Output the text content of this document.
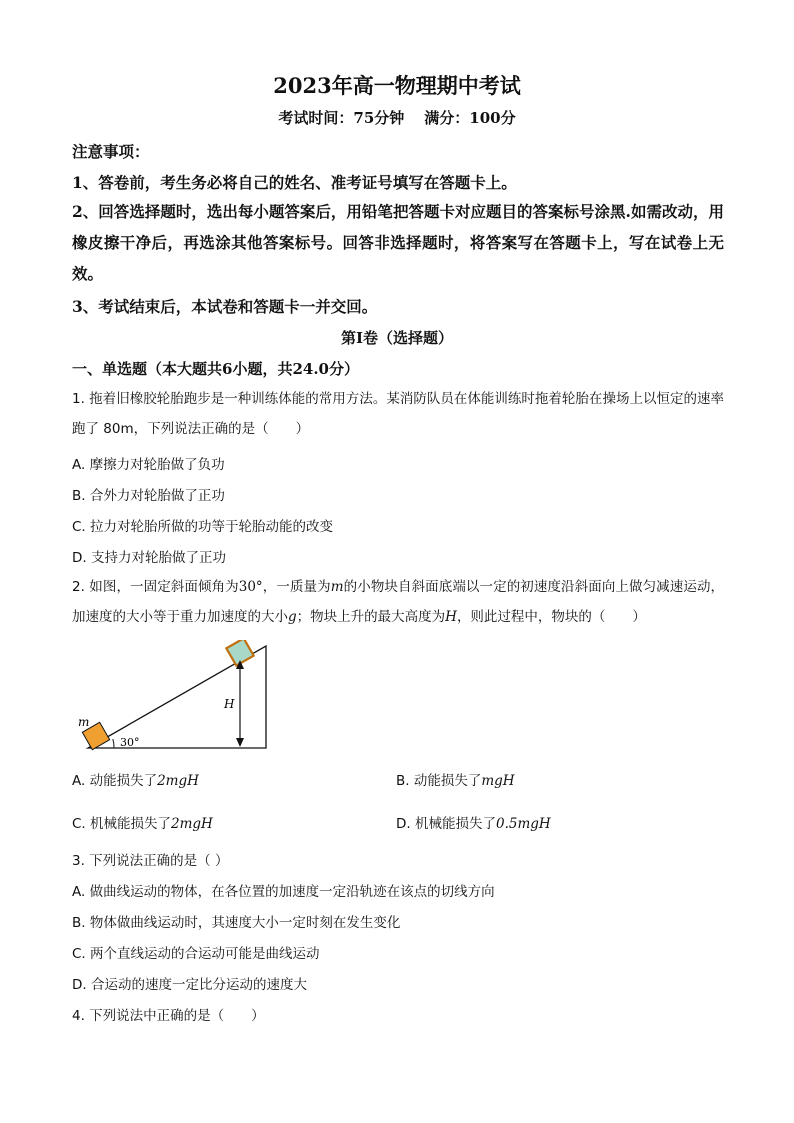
2023年高一物理期中考试
考试时间：75分钟 满分：100分
注意事项：
1、答卷前，考生务必将自己的姓名、准考证号填写在答题卡上。
2、回答选择题时，选出每小题答案后，用铅笔把答题卡对应题目的答案标号涂黑.如需改动，用橡皮擦干净后，再选涂其他答案标号。回答非选择题时，将答案写在答题卡上，写在试卷上无效。
3、考试结束后，本试卷和答题卡一并交回。
第I卷（选择题）
一、单选题（本大题共6小题，共24.0分）
1. 拖着旧橡胶轮胎跑步是一种训练体能的常用方法。某消防队员在体能训练时拖着轮胎在操场上以恒定的速率跑了 80m，下列说法正确的是（　　）
A. 摩擦力对轮胎做了负功
B. 合外力对轮胎做了正功
C. 拉力对轮胎所做的功等于轮胎动能的改变
D. 支持力对轮胎做了正功
2. 如图，一固定斜面倾角为30°，一质量为m的小物块自斜面底端以一定的初速度沿斜面向上做匀减速运动，加速度的大小等于重力加速度的大小g；物块上升的最大高度为H，则此过程中，物块的（　　）
H
m
30°
A. 动能损失了2mgH	B. 动能损失了mgH
C. 机械能损失了2mgH	D. 机械能损失了0.5mgH
3. 下列说法正确的是（ ）
A. 做曲线运动的物体，在各位置的加速度一定沿轨迹在该点的切线方向
B. 物体做曲线运动时，其速度大小一定时刻在发生变化
C. 两个直线运动的合运动可能是曲线运动
D. 合运动的速度一定比分运动的速度大
4. 下列说法中正确的是（　　）
